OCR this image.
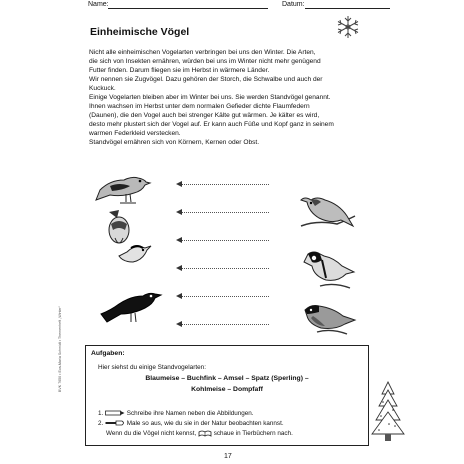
Name:	Datum:
Einheimische Vögel

Nicht alle einheimischen Vogelarten verbringen bei uns den Winter. Die Arten,

die sich von Insekten ernähren, würden bei uns im Winter nicht mehr genügend

Futter finden. Darum fliegen sie im Herbst in wärmere Länder.

Wir nennen sie Zugvögel. Dazu gehören der Storch, die Schwalbe und auch der

Kuckuck.

Einige Vogelarten bleiben aber im Winter bei uns. Sie werden Standvögel genannt.

Ihnen wachsen im Herbst unter dem normalen Gefieder dichte Flaumfedern

(Daunen), die den Vogel auch bei strenger Kälte gut wärmen. Je kälter es wird,

desto mehr plustert sich der Vogel auf. Er kann auch Füße und Kopf ganz in seinem

warmen Federkleid verstecken.

Standvögel ernähren sich von Körnern, Kernen oder Obst.

BVK 7650 • Eva-Maria Schmidt • Themenheft „Winter“	Aufgaben:
Hier siehst du einige Standvogelarten:
Blaumeise – Buchfink – Amsel – Spatz (Sperling) –
Kohlmeise – Dompfaff
1.	Schreibe ihre Namen neben die Abbildungen.
2.	Male so aus, wie du sie in der Natur beobachten kannst.
Wenn du die Vögel nicht kennst,	schaue in Tierbüchern nach.
17
